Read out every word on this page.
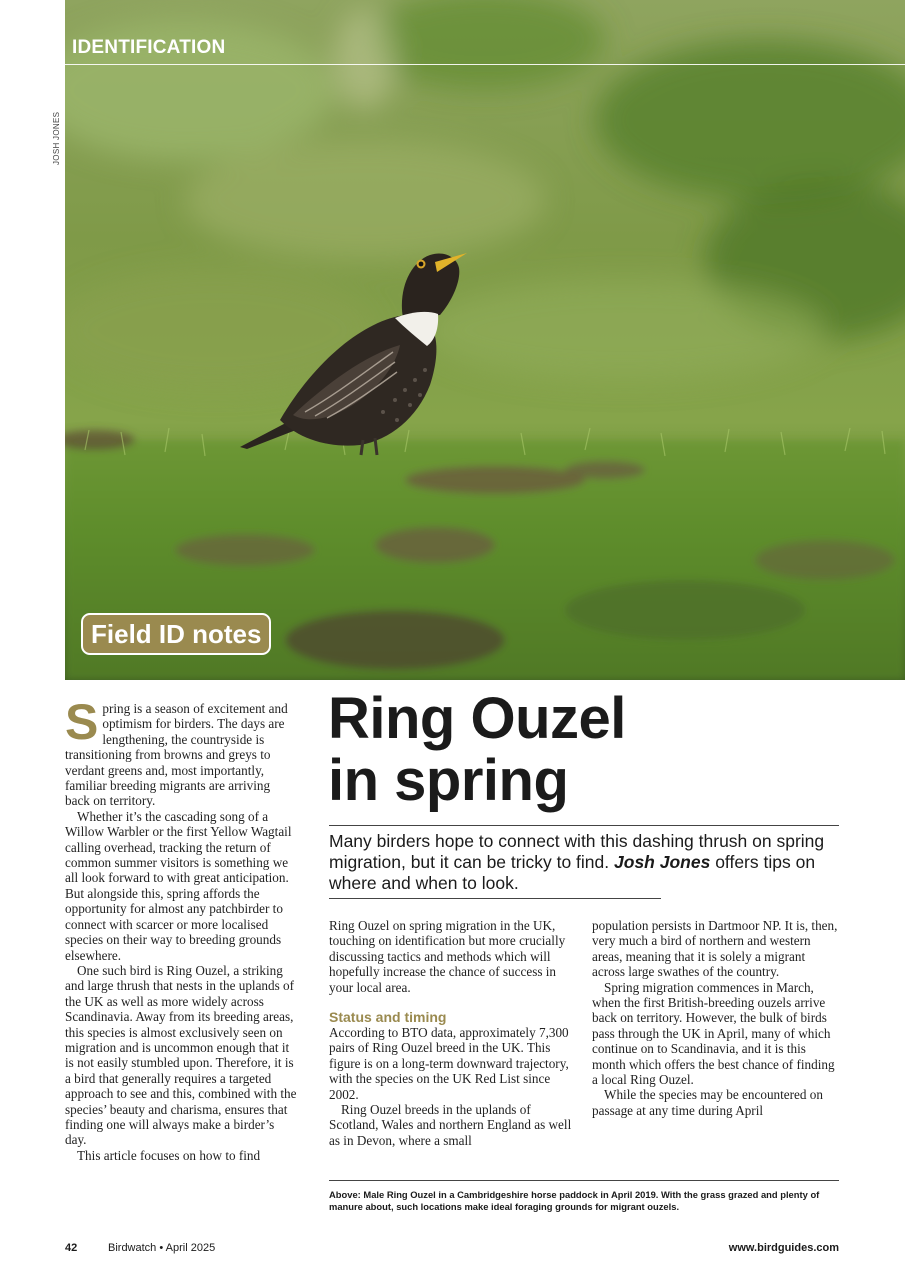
IDENTIFICATION
JOSH JONES
Field ID notes
Ring Ouzel
in spring

Many birders hope to connect with this dashing thrush on spring migration, but it can be tricky to find. Josh Jones offers tips on where and when to look.

Spring is a season of excitement and optimism for birders. The days are lengthening, the countryside is transitioning from browns and greys to verdant greens and, most importantly, familiar breeding migrants are arriving back on territory.

Whether it’s the cascading song of a Willow Warbler or the first Yellow Wagtail calling overhead, tracking the return of common summer visitors is something we all look forward to with great anticipation. But alongside this, spring affords the opportunity for almost any patchbirder to connect with scarcer or more localised species on their way to breeding grounds elsewhere.

One such bird is Ring Ouzel, a striking and large thrush that nests in the uplands of the UK as well as more widely across Scandinavia. Away from its breeding areas, this species is almost exclusively seen on migration and is uncommon enough that it is not easily stumbled upon. Therefore, it is a bird that generally requires a targeted approach to see and this, combined with the species’ beauty and charisma, ensures that finding one will always make a birder’s day.

This article focuses on how to find

Ring Ouzel on spring migration in the UK, touching on identification but more crucially discussing tactics and methods which will hopefully increase the chance of success in your local area.

Status and timing

According to BTO data, approximately 7,300 pairs of Ring Ouzel breed in the UK. This figure is on a long-term downward trajectory, with the species on the UK Red List since 2002.

Ring Ouzel breeds in the uplands of Scotland, Wales and northern England as well as in Devon, where a small

population persists in Dartmoor NP. It is, then, very much a bird of northern and western areas, meaning that it is solely a migrant across large swathes of the country.

Spring migration commences in March, when the first British-breeding ouzels arrive back on territory. However, the bulk of birds pass through the UK in April, many of which continue on to Scandinavia, and it is this month which offers the best chance of finding a local Ring Ouzel.

While the species may be encountered on passage at any time during April

Above: Male Ring Ouzel in a Cambridgeshire horse paddock in April 2019. With the grass grazed and plenty of manure about, such locations make ideal foraging grounds for migrant ouzels.

42	Birdwatch • April 2025	www.birdguides.com
